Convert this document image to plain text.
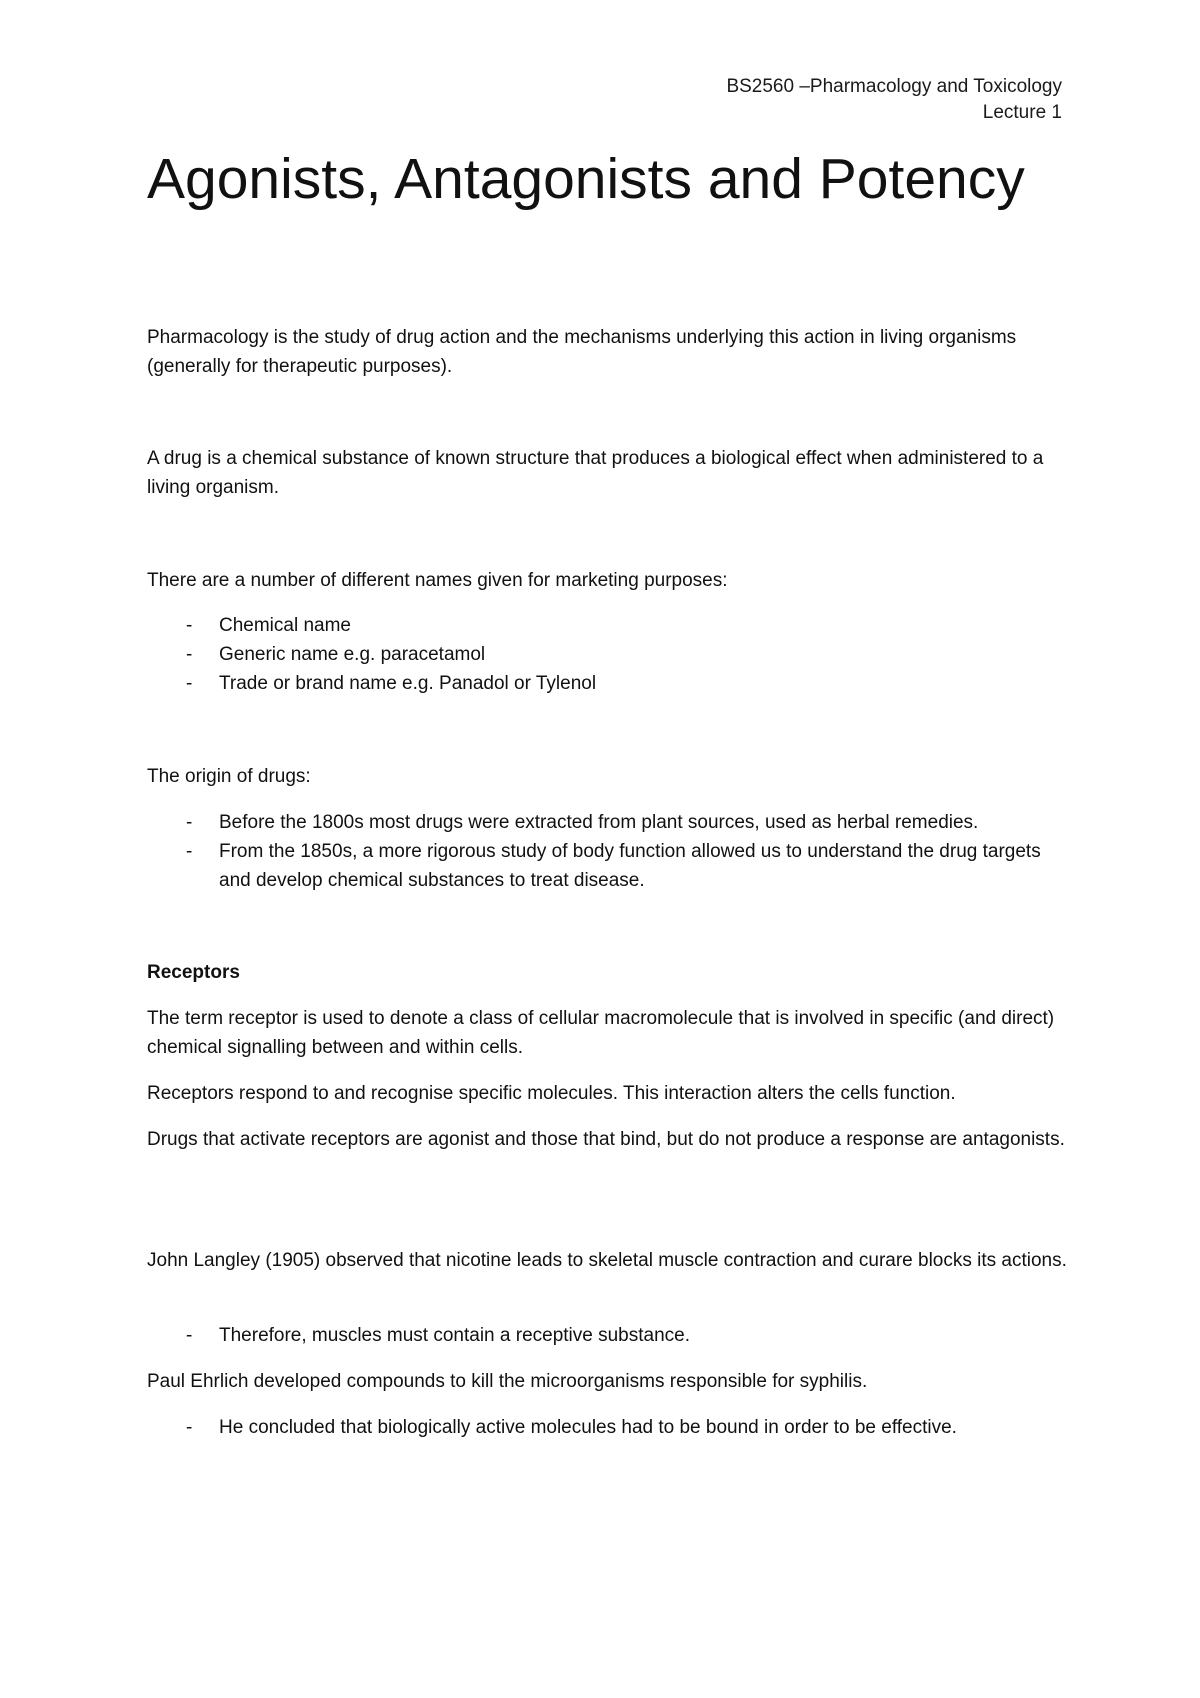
BS2560 –Pharmacology and Toxicology
Lecture 1
Agonists, Antagonists and Potency

Pharmacology is the study of drug action and the mechanisms underlying this action in living organisms (generally for therapeutic purposes).

A drug is a chemical substance of known structure that produces a biological effect when administered to a living organism.

There are a number of different names given for marketing purposes:

-	Chemical name
-	Generic name e.g. paracetamol
-	Trade or brand name e.g. Panadol or Tylenol

The origin of drugs:

-	Before the 1800s most drugs were extracted from plant sources, used as herbal remedies.
-	From the 1850s, a more rigorous study of body function allowed us to understand the drug targets and develop chemical substances to treat disease.

Receptors

The term receptor is used to denote a class of cellular macromolecule that is involved in specific (and direct) chemical signalling between and within cells.

Receptors respond to and recognise specific molecules. This interaction alters the cells function.

Drugs that activate receptors are agonist and those that bind, but do not produce a response are antagonists.

John Langley (1905) observed that nicotine leads to skeletal muscle contraction and curare blocks its actions.

-	Therefore, muscles must contain a receptive substance.

Paul Ehrlich developed compounds to kill the microorganisms responsible for syphilis.

-	He concluded that biologically active molecules had to be bound in order to be effective.
